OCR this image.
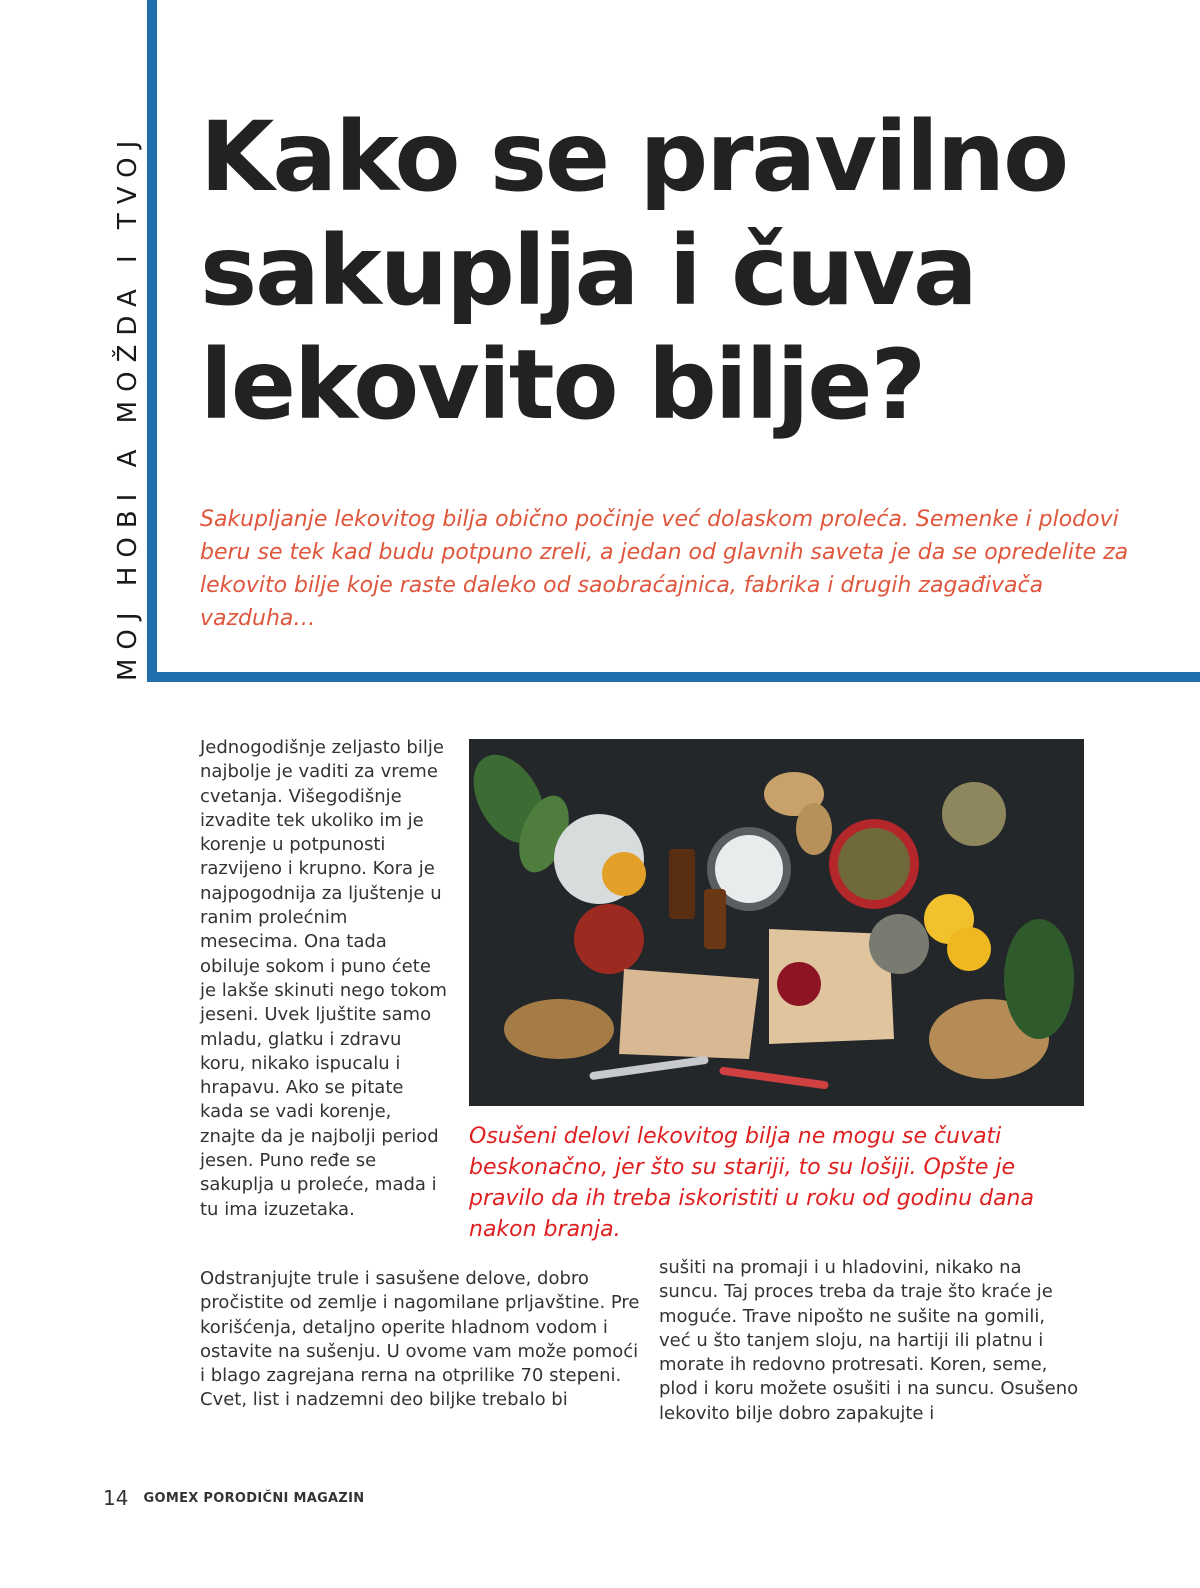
MOJ HOBI A MOŽDA I TVOJ Kako se pravilno sakuplja i čuva lekovito bilje?

Sakupljanje lekovitog bilja obično počinje već dolaskom proleća. Semenke i plodovi beru se tek kad budu potpuno zreli, a jedan od glavnih saveta je da se opredelite za lekovito bilje koje raste daleko od saobraćajnica, fabrika i drugih zagađivača vazduha…

Jednogodišnje zeljasto bilje najbolje je vaditi za vreme cvetanja. Višegodišnje izvadite tek ukoliko im je korenje u potpunosti razvijeno i krupno. Kora je najpogodnija za ljuštenje u ranim prolećnim mesecima. Ona tada obiluje sokom i puno ćete je lakše skinuti nego tokom jeseni. Uvek ljuštite samo mladu, glatku i zdravu koru, nikako ispucalu i hrapavu. Ako se pitate kada se vadi korenje, znajte da je najbolji period jesen. Puno ređe se sakuplja u proleće, mada i tu ima izuzetaka.

Osušeni delovi lekovitog bilja ne mogu se čuvati beskonačno, jer što su stariji, to su lošiji. Opšte je pravilo da ih treba iskoristiti u roku od godinu dana nakon branja.

Odstranjujte trule i sasušene delove, dobro pročistite od zemlje i nagomilane prljavštine. Pre korišćenja, detaljno operite hladnom vodom i ostavite na sušenju. U ovome vam može pomoći i blago zagrejana rerna na otprilike 70 stepeni. Cvet, list i nadzemni deo biljke trebalo bi

sušiti na promaji i u hladovini, nikako na suncu. Taj proces treba da traje što kraće je moguće. Trave nipošto ne sušite na gomili, već u što tanjem sloju, na hartiji ili platnu i morate ih redovno protresati. Koren, seme, plod i koru možete osušiti i na suncu. Osušeno lekovito bilje dobro zapakujte i

14 GOMEX PORODIČNI MAGAZIN
